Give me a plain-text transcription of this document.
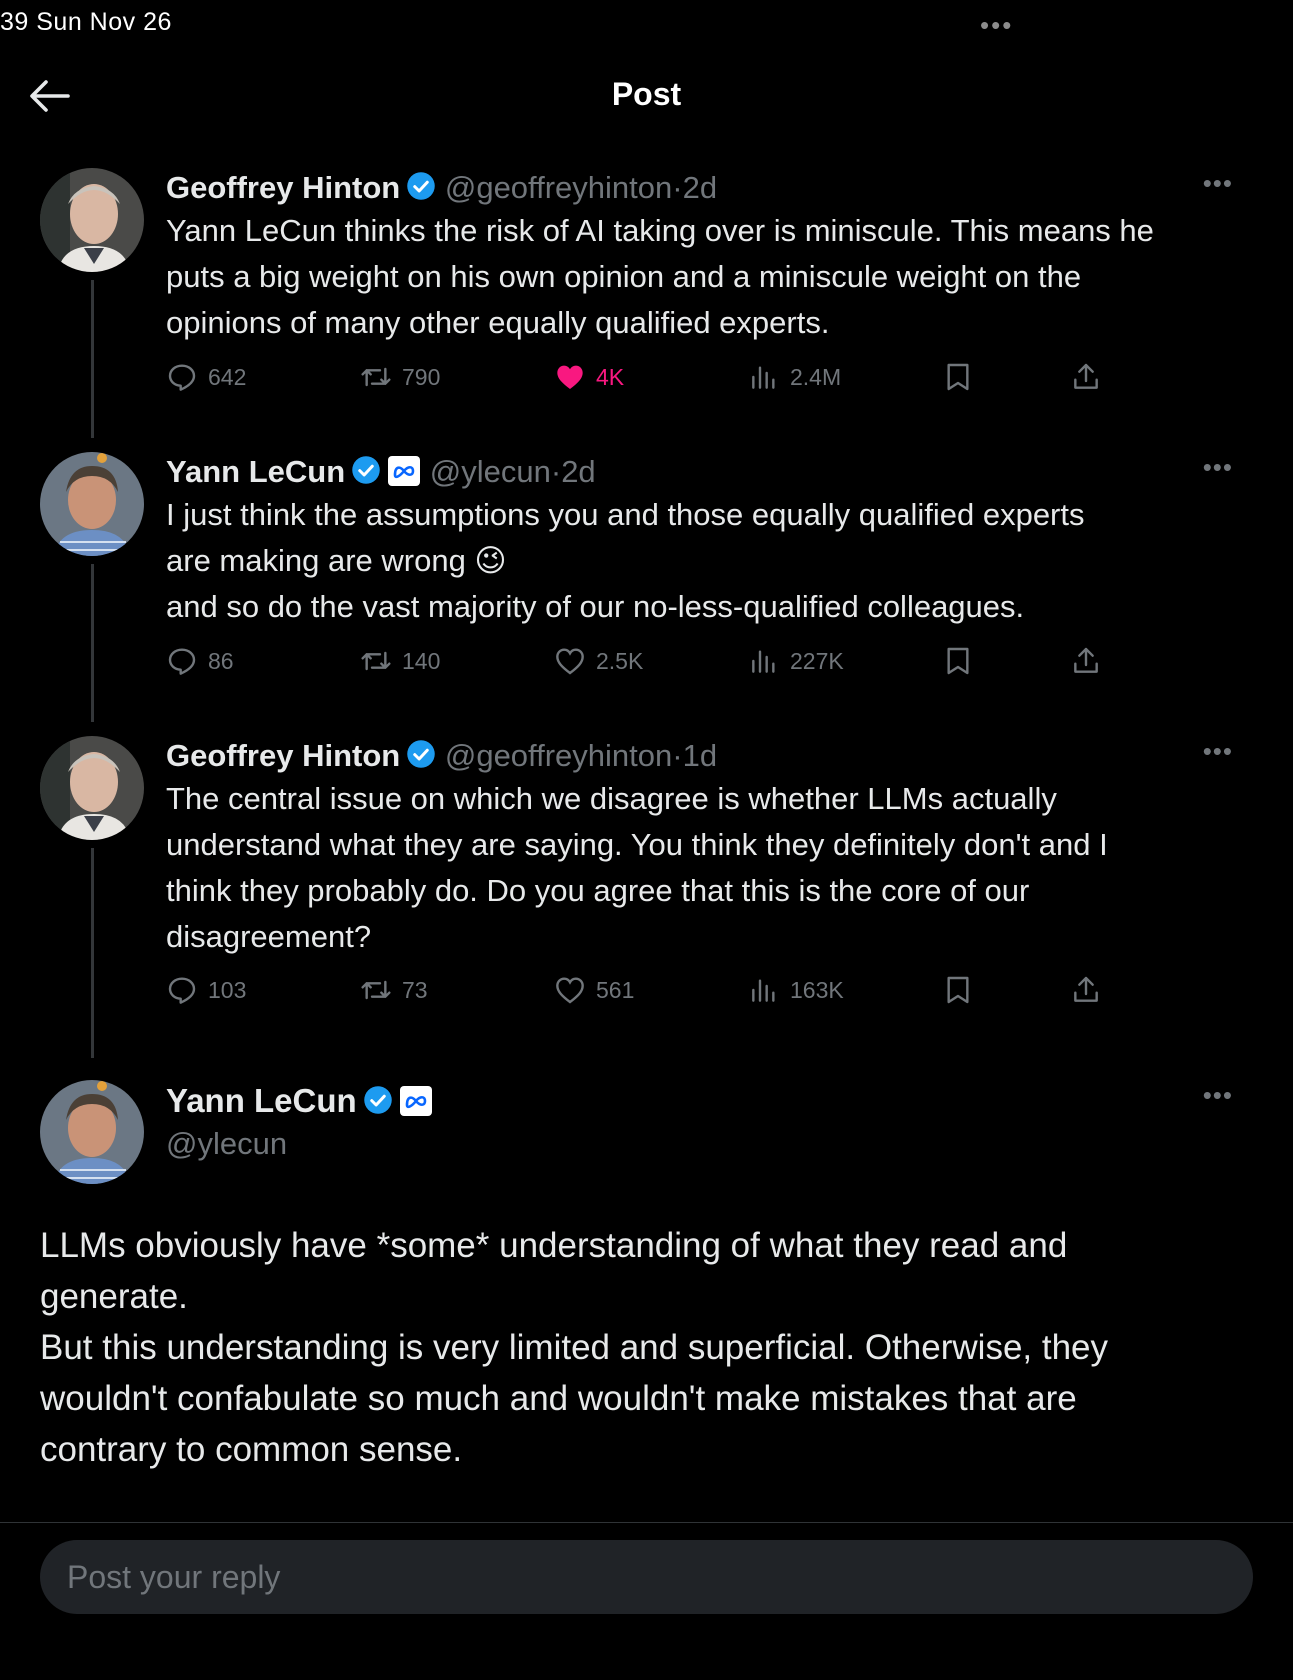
39 Sun Nov 26	•••
Post
Geoffrey Hinton @geoffreyhinton·2d	•••
Yann LeCun thinks the risk of AI taking over is miniscule. This means he
puts a big weight on his own opinion and a miniscule weight on the
opinions of many other equally qualified experts.
642	790	4K	2.4M
Yann LeCun	@ylecun·2d	•••
I just think the assumptions you and those equally qualified experts
are making are wrong 😉
and so do the vast majority of our no-less-qualified colleagues.
86	140	2.5K	227K
Geoffrey Hinton @geoffreyhinton·1d	•••
The central issue on which we disagree is whether LLMs actually
understand what they are saying. You think they definitely don't and I
think they probably do. Do you agree that this is the core of our
disagreement?
103	73	561	163K
Yann LeCun
@ylecun
•••
LLMs obviously have *some* understanding of what they read and
generate.
But this understanding is very limited and superficial. Otherwise, they
wouldn't confabulate so much and wouldn't make mistakes that are
contrary to common sense.
Post your reply
